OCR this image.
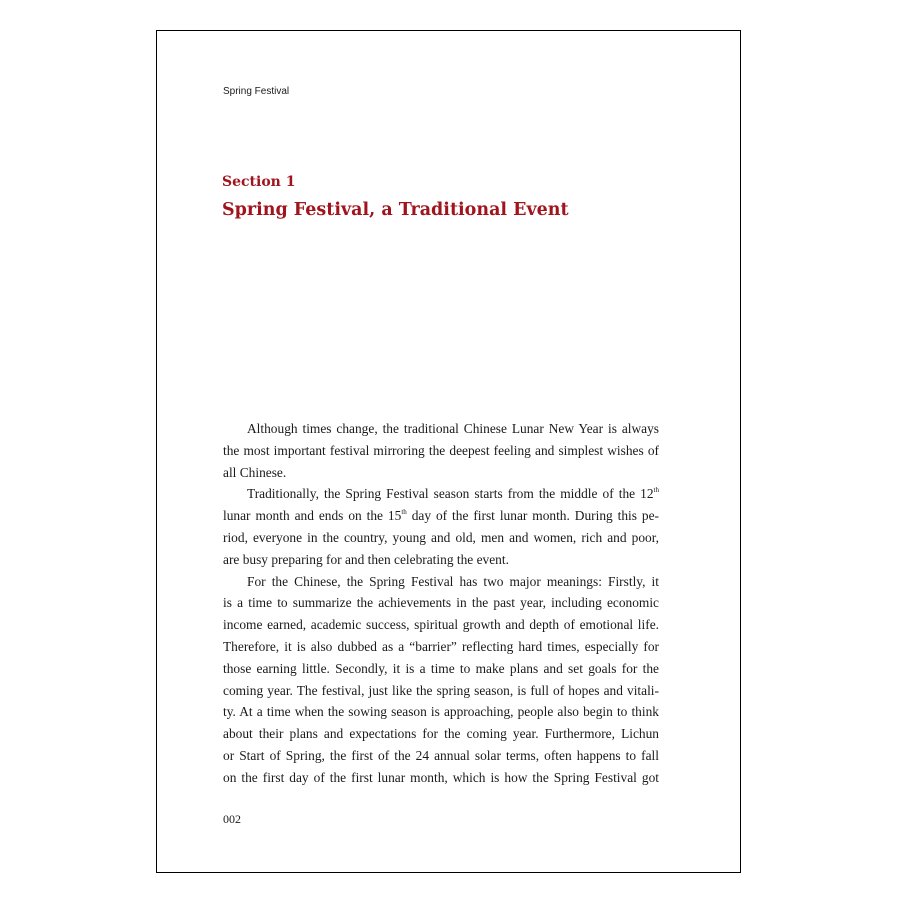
Spring Festival
Section 1
Spring Festival, a Traditional Event
Although times change, the traditional Chinese Lunar New Year is always
the most important festival mirroring the deepest feeling and simplest wishes of
all Chinese.
Traditionally, the Spring Festival season starts from the middle of the 12th
lunar month and ends on the 15th day of the first lunar month. During this pe-
riod, everyone in the country, young and old, men and women, rich and poor,
are busy preparing for and then celebrating the event.
For the Chinese, the Spring Festival has two major meanings: Firstly, it
is a time to summarize the achievements in the past year, including economic
income earned, academic success, spiritual growth and depth of emotional life.
Therefore, it is also dubbed as a “barrier” reflecting hard times, especially for
those earning little. Secondly, it is a time to make plans and set goals for the
coming year. The festival, just like the spring season, is full of hopes and vitali-
ty. At a time when the sowing season is approaching, people also begin to think
about their plans and expectations for the coming year. Furthermore, Lichun
or Start of Spring, the first of the 24 annual solar terms, often happens to fall
on the first day of the first lunar month, which is how the Spring Festival got
002
